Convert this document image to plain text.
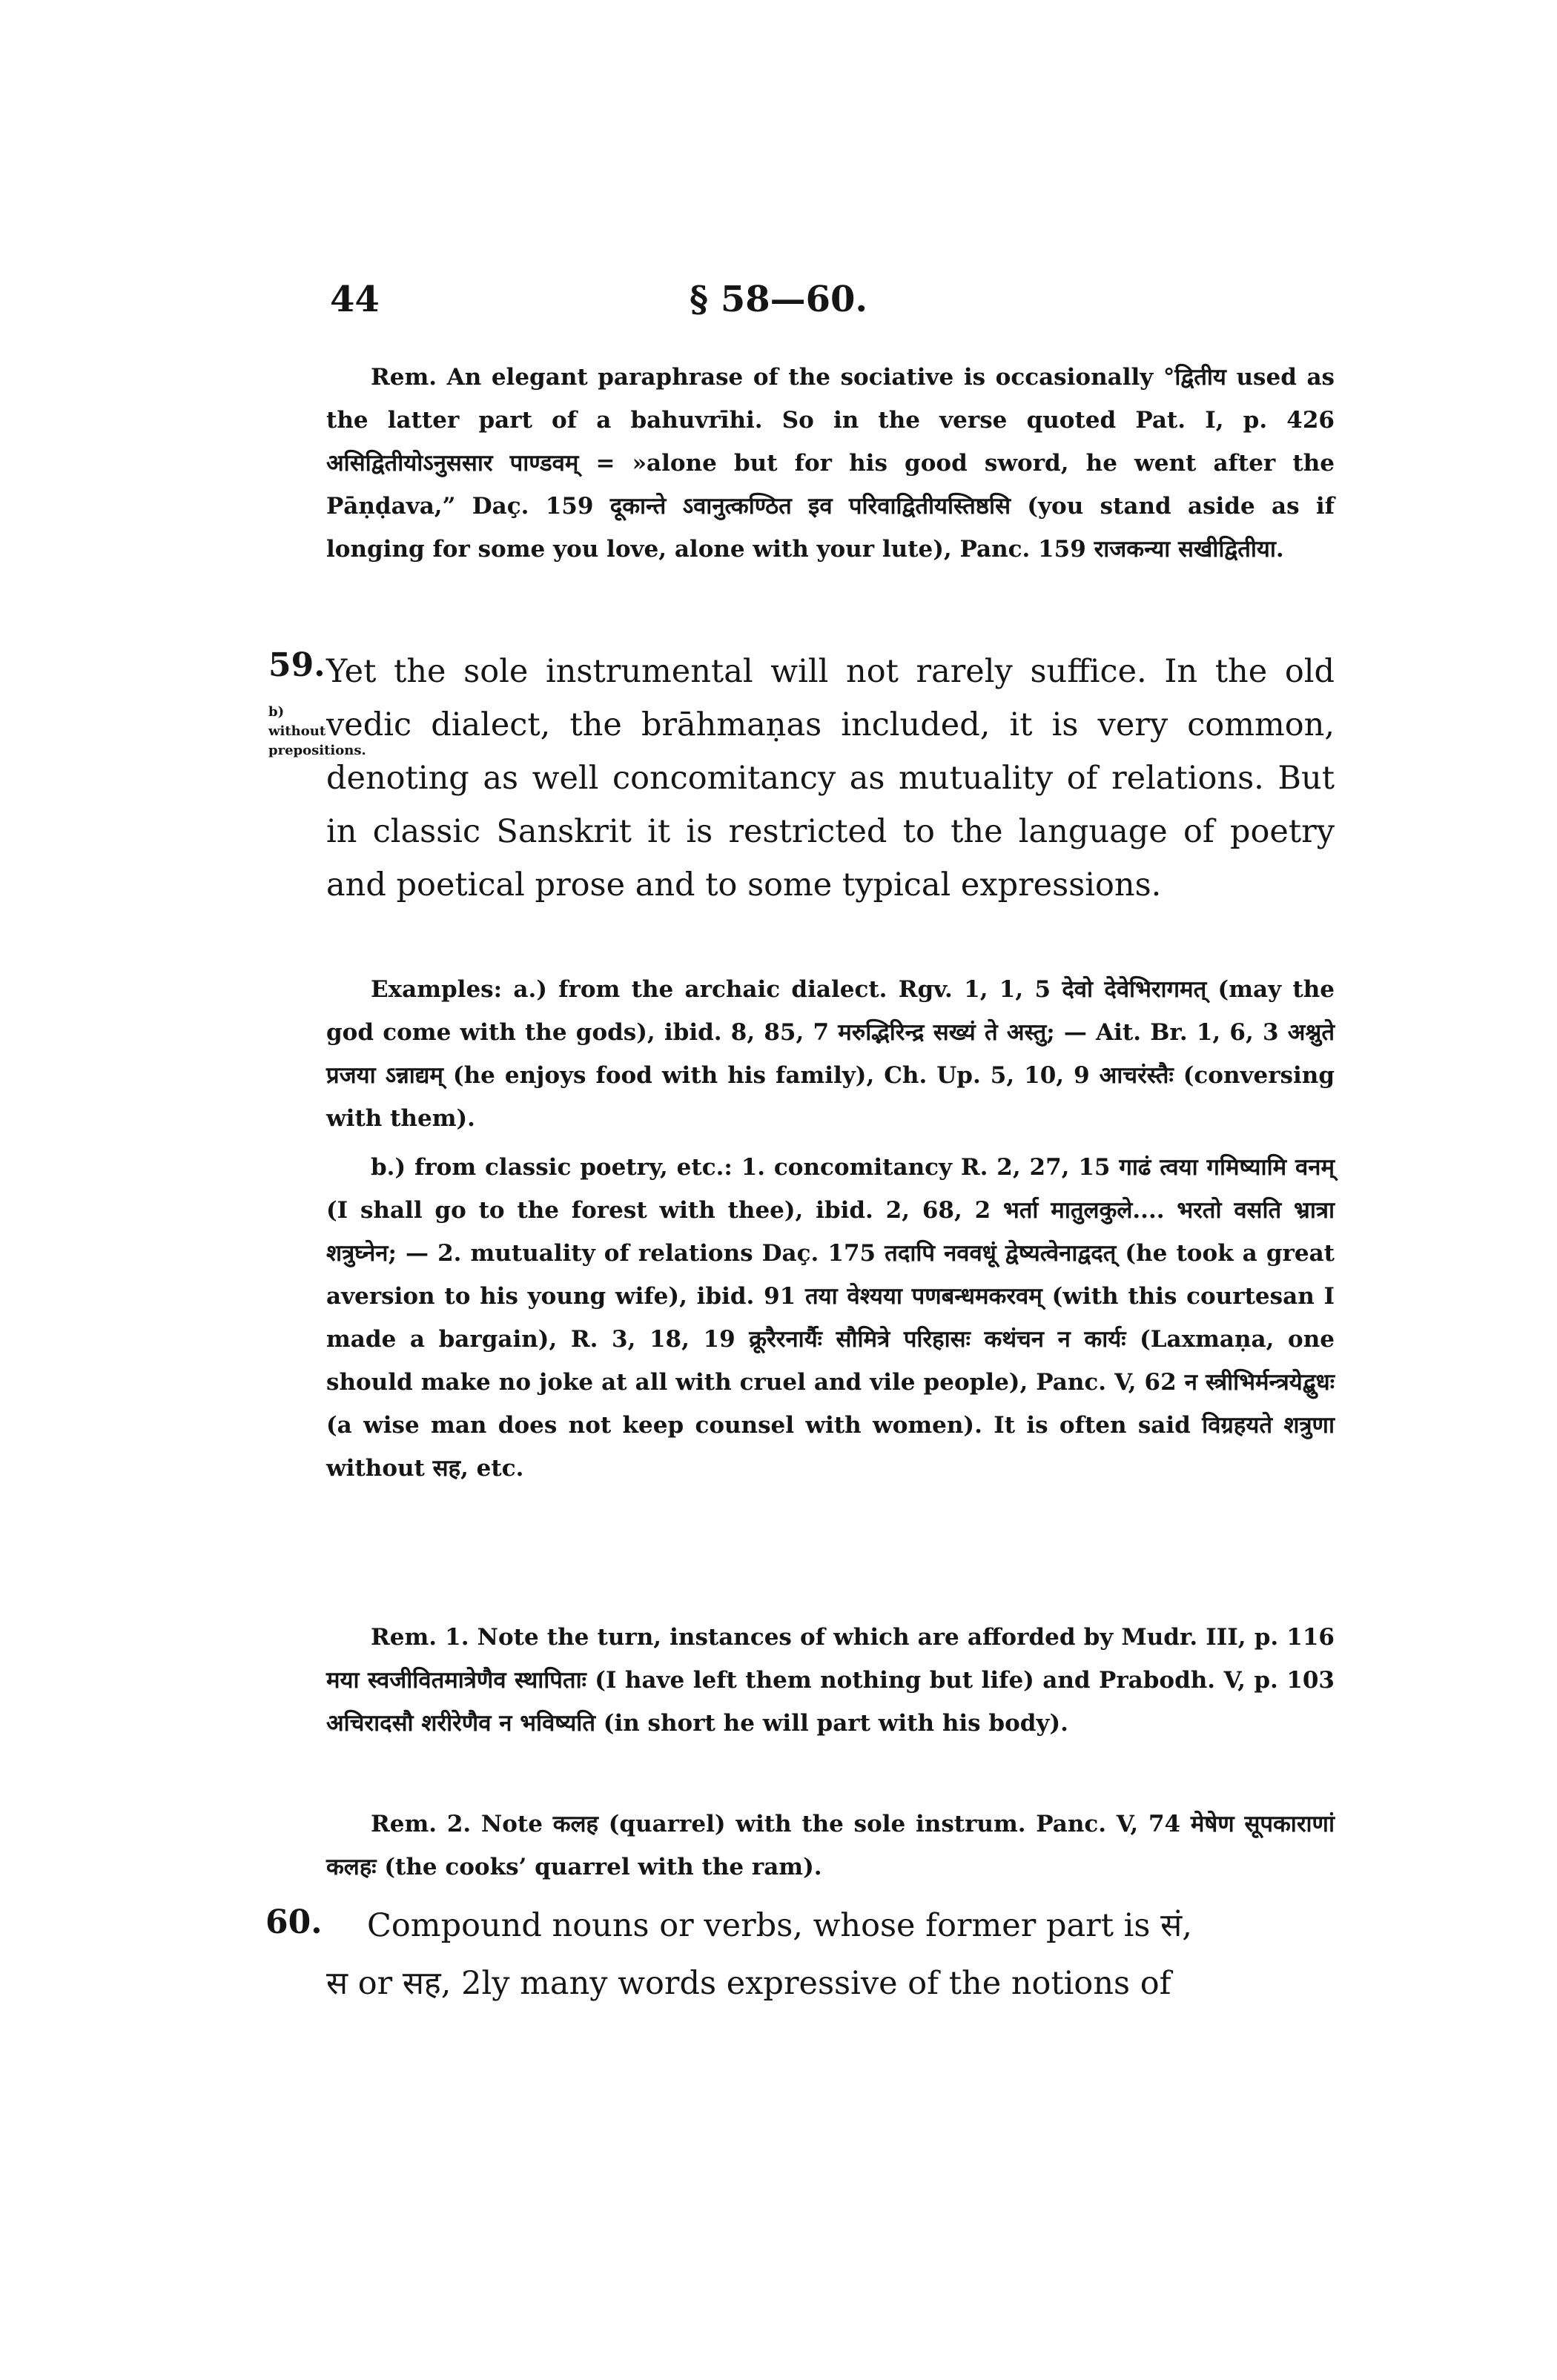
44	§ 58—60.

Rem. An elegant paraphrase of the sociative is occasionally °द्वितीय used as the latter part of a bahuvrīhi. So in the verse quoted Pat. I, p. 426 असिद्वितीयोऽनुससार पाण्डवम् = »alone but for his good sword, he went after the Pāṇḍava,” Daç. 159 दूकान्ते ऽवानुत्कण्ठित इव परिवाद्वितीयस्तिष्ठसि (you stand aside as if longing for some you love, alone with your lute), Panc. 159 राजकन्या सखीद्वितीया.

59.
b) without prepositions.

Yet the sole instrumental will not rarely suffice. In the old vedic dialect, the brāhmaṇas included, it is very common, denoting as well concomitancy as mutuality of relations. But in classic Sanskrit it is restricted to the language of poetry and poetical prose and to some typical expressions.

Examples: a.) from the archaic dialect. Rgv. 1, 1, 5 देवो देवेभिरागमत् (may the god come with the gods), ibid. 8, 85, 7 मरुद्भिरिन्द्र सख्यं ते अस्तु; — Ait. Br. 1, 6, 3 अश्नुते प्रजया ऽन्नाद्यम् (he enjoys food with his family), Ch. Up. 5, 10, 9 आचरंस्तैः (conversing with them).

b.) from classic poetry, etc.: 1. concomitancy R. 2, 27, 15 गाढं त्वया गमिष्यामि वनम् (I shall go to the forest with thee), ibid. 2, 68, 2 भर्ता मातुलकुले.... भरतो वसति भ्रात्रा शत्रुघ्नेन; — 2. mutuality of relations Daç. 175 तदापि नववधूं द्वेष्यत्वेनाद्वदत् (he took a great aversion to his young wife), ibid. 91 तया वेश्यया पणबन्धमकरवम् (with this courtesan I made a bargain), R. 3, 18, 19 क्रूरैरनार्यैः सौमित्रे परिहासः कथंचन न कार्यः (Laxmaṇa, one should make no joke at all with cruel and vile people), Panc. V, 62 न स्त्रीभिर्मन्त्रयेद्बुधः (a wise man does not keep counsel with women). It is often said विग्रहयते शत्रुणा without सह, etc.

Rem. 1. Note the turn, instances of which are afforded by Mudr. III, p. 116 मया स्वजीवितमात्रेणैव स्थापिताः (I have left them nothing but life) and Prabodh. V, p. 103 अचिरादसौ शरीरेणैव न भविष्यति (in short he will part with his body).

Rem. 2. Note कलह (quarrel) with the sole instrum. Panc. V, 74 मेषेण सूपकाराणां कलहः (the cooks’ quarrel with the ram).

60. Compound nouns or verbs, whose former part is सं,

स or सह, 2ly many words expressive of the notions of
